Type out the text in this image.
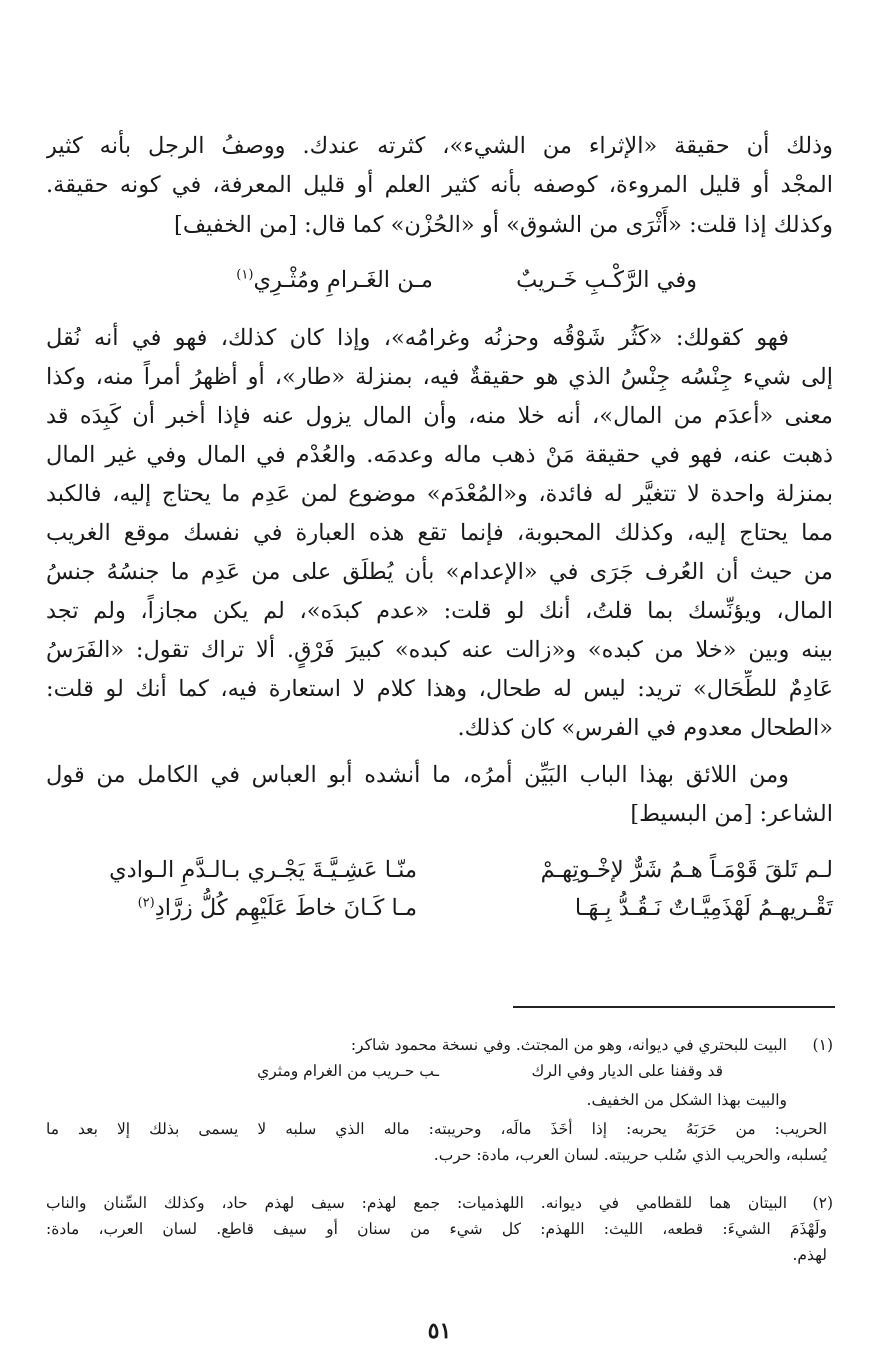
وذلك أن حقيقة «الإثراء من الشيء»، كثرته عندك. ووصفُ الرجل بأنه كثير

المجْد أو قليل المروءة، كوصفه بأنه كثير العلم أو قليل المعرفة، في كونه حقيقة.

وكذلك إذا قلت: «أَثْرَى من الشوق» أو «الحُزْن» كما قال: [من الخفيف]

وفي الرَّكْـبِ خَـريبٌ
مـن الغَـرامِ ومُثْـرِي$^{(١)}$

فهو كقولك: «كَثُر شَوْقُه وحزنُه وغرامُه»، وإذا كان كذلك، فهو في أنه نُقل

إلى شيء جِنْسُه جِنْسُ الذي هو حقيقةٌ فيه، بمنزلة «طار»، أو أظهرُ أمراً منه، وكذا

معنى «أعدَم من المال»، أنه خلا منه، وأن المال يزول عنه فإذا أخبر أن كَبِدَه قد

ذهبت عنه، فهو في حقيقة مَنْ ذهب ماله وعدمَه. والعُدْم في المال وفي غير المال

بمنزلة واحدة لا تتغيَّر له فائدة، و«المُعْدَم» موضوع لمن عَدِم ما يحتاج إليه، فالكبد

مما يحتاج إليه، وكذلك المحبوبة، فإنما تقع هذه العبارة في نفسك موقع الغريب

من حيث أن العُرف جَرَى في «الإعدام» بأن يُطلَق على من عَدِم ما جنسُهُ جنسُ

المال، ويؤنِّسك بما قلتُ، أنك لو قلت: «عدم كبدَه»، لم يكن مجازاً، ولم تجد

بينه وبين «خلا من كبده» و«زالت عنه كبده» كبيرَ فَرْقٍ. ألا تراك تقول: «الفَرَسُ

عَادِمٌ للطِّحَال» تريد: ليس له طحال، وهذا كلام لا استعارة فيه، كما أنك لو قلت:

«الطحال معدوم في الفرس» كان كذلك.

ومن اللائق بهذا الباب البَيِّن أمرُه، ما أنشده أبو العباس في الكامل من قول

الشاعر: [من البسيط]

لـم تَلقَ قَوْمَـاً هـمُ شَرٌّ لإخْـوتِهـمْ
منّـا عَشِـيَّـةَ يَجْـري بـالـدَّمِ الـوادي
تَقْـريهـمُ لَهْذَمِيَّـاتٌ نَـقُـدُّ بِـهَـا
مـا كَـانَ خاطَ عَلَيْهِم كُلُّ زرَّادِ$^{(٢)}$
(١)

البيت للبحتري في ديوانه، وهو من المجتث. وفي نسخة محمود شاكر:

قد وقفنا على الديار وفي الرك
ـب حـريب من الغرام ومثري

والبيت بهذا الشكل من الخفيف.

الحريب: من حَرَبَهُ يحربه: إذا أخَذَ مالَه، وحريبته: ماله الذي سلبه لا يسمى بذلك إلا بعد ما

يُسلبه، والحريب الذي سُلب حريبته. لسان العرب، مادة: حرب.

(٢)

البيتان هما للقطامي في ديوانه. اللهذميات: جمع لهذم: سيف لهذم حاد، وكذلك السِّنان والناب

ولَهْذَمَ الشيءَ: قطعه، الليث: اللهذم: كل شيء من سنان أو سيف قاطع. لسان العرب، مادة:

لهذم.

٥١
